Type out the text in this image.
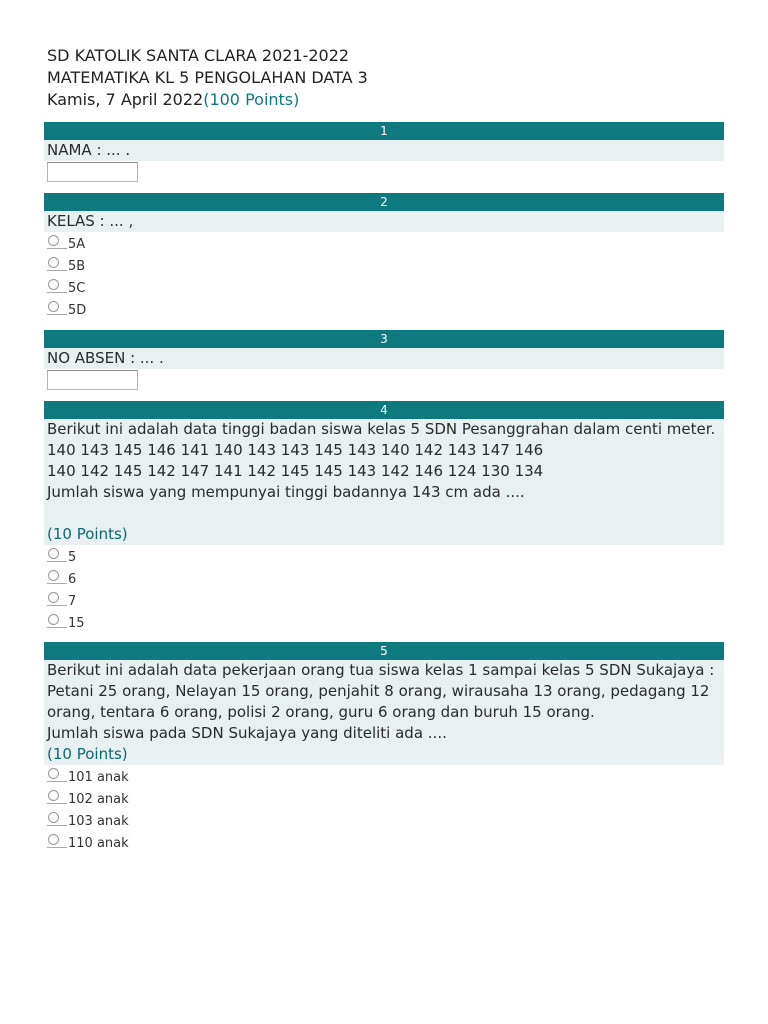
SD KATOLIK SANTA CLARA 2021-2022
MATEMATIKA KL 5 PENGOLAHAN DATA 3
Kamis, 7 April 2022(100 Points)
1
NAMA : ... .
2
KELAS : ... ,
5A
5B
5C
5D
3
NO ABSEN : ... .
4
Berikut ini adalah data tinggi badan siswa kelas 5 SDN Pesanggrahan dalam centi meter.
140 143 145 146 141 140 143 143 145 143 140 142 143 147 146
140 142 145 142 147 141 142 145 145 143 142 146 124 130 134
Jumlah siswa yang mempunyai tinggi badannya 143 cm ada ....
(10 Points)
5
6
7
15
5
Berikut ini adalah data pekerjaan orang tua siswa kelas 1 sampai kelas 5 SDN Sukajaya :
Petani 25 orang, Nelayan 15 orang, penjahit 8 orang, wirausaha 13 orang, pedagang 12
orang, tentara 6 orang, polisi 2 orang, guru 6 orang dan buruh 15 orang.
Jumlah siswa pada SDN Sukajaya yang diteliti ada ....
(10 Points)
101 anak
102 anak
103 anak
110 anak
